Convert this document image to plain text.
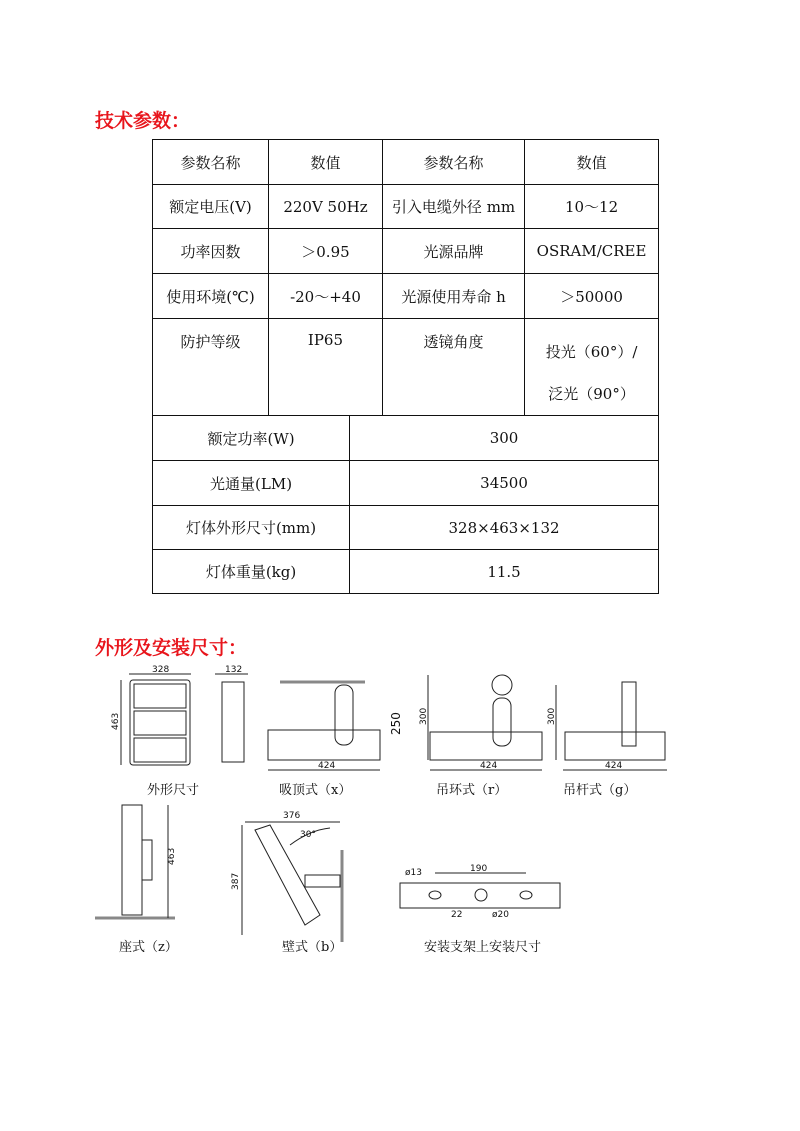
技术参数：
参数名称	数值		参数名称	数值
额定电压(V)	220V 50Hz		引入电缆外径 mm	10～12
功率因数	＞0.95		光源品牌	OSRAM/CREE
使用环境(℃)	-20～+40		光源使用寿命 h	＞50000
防护等级	IP65		透镜角度	投光（60°）/
泛光（90°）
额定功率(W)		300		
光通量(LM)		34500		
灯体外形尺寸(mm)		328×463×132		
灯体重量(kg)		11.5		
外形及安装尺寸：
328
463
132
424
250
424
300
424
300
463
376
387
30°
190
ø13
22	ø20
外形尺寸	吸顶式（x）	吊环式（r）	吊杆式（g）
座式（z）	壁式（b）	安装支架上安装尺寸
